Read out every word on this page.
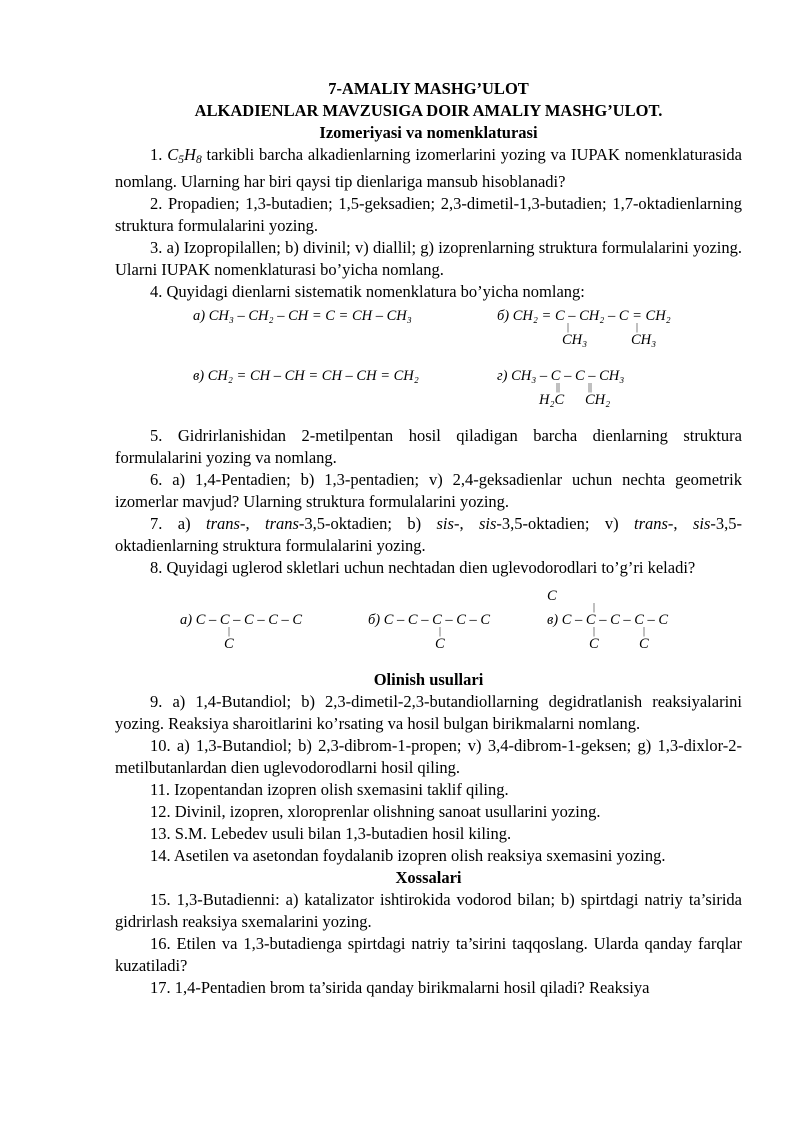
7-AMALIY MASHG’ULOT
ALKADIENLAR MAVZUSIGA DOIR AMALIY MASHG’ULOT.
Izomeriyasi va nomenklaturasi

1. $C_5H_8$ tarkibli barcha alkadienlarning izomerlarini yozing va IUPAK nomenklaturasida nomlang. Ularning har biri qaysi tip dienlariga mansub hisoblanadi?

2. Propadien; 1,3-butadien; 1,5-geksadien; 2,3-dimetil-1,3-butadien; 1,7-oktadienlarning struktura formulalarini yozing.

3. a) Izopropilallen; b) divinil; v) diallil; g) izoprenlarning struktura formulalarini yozing. Ularni IUPAK nomenklaturasi bo’yicha nomlang.

4. Quyidagi dienlarni sistematik nomenklatura bo’yicha nomlang:

а) CH₃ – CH₂ – CH = C = CH – CH₃	б) CH₂ = C – CH₂ – C = CH₂
|	|
CH₃	CH₃
в) CH₂ = CH – CH = CH – CH = CH₂	г) CH₃ – C – C – CH₃
||	||
H₂C CH₂

5. Gidrirlanishidan 2-metilpentan hosil qiladigan barcha dienlarning struktura formulalarini yozing va nomlang.

6. a) 1,4-Pentadien; b) 1,3-pentadien; v) 2,4-geksadienlar uchun nechta geometrik izomerlar mavjud? Ularning struktura formulalarini yozing.

7. a) trans-, trans-3,5-oktadien; b) sis-, sis-3,5-oktadien; v) trans-, sis-3,5-oktadienlarning struktura formulalarini yozing.

8. Quyidagi uglerod skletlari uchun nechtadan dien uglevodorodlari to’g’ri keladi?

а) C – C – C – C – C
|
C
б) C – C – C – C – C
|
C
C
|
в) C – C – C – C – C
|	|
C	C
Olinish usullari

9. a) 1,4-Butandiol; b) 2,3-dimetil-2,3-butandiollarning degidratlanish reaksiyalarini yozing. Reaksiya sharoitlarini ko’rsating va hosil bulgan birikmalarni nomlang.

10. a) 1,3-Butandiol; b) 2,3-dibrom-1-propen; v) 3,4-dibrom-1-geksen; g) 1,3-dixlor-2-metilbutanlardan dien uglevodorodlarni hosil qiling.

11. Izopentandan izopren olish sxemasini taklif qiling.

12. Divinil, izopren, xloroprenlar olishning sanoat usullarini yozing.

13. S.M. Lebedev usuli bilan 1,3-butadien hosil kiling.

14. Asetilen va asetondan foydalanib izopren olish reaksiya sxemasini yozing.

Xossalari

15. 1,3-Butadienni: a) katalizator ishtirokida vodorod bilan; b) spirtdagi natriy ta’sirida gidrirlash reaksiya sxemalarini yozing.

16. Etilen va 1,3-butadienga spirtdagi natriy ta’sirini taqqoslang. Ularda qanday farqlar kuzatiladi?

17. 1,4-Pentadien brom ta’sirida qanday birikmalarni hosil qiladi? Reaksiya
